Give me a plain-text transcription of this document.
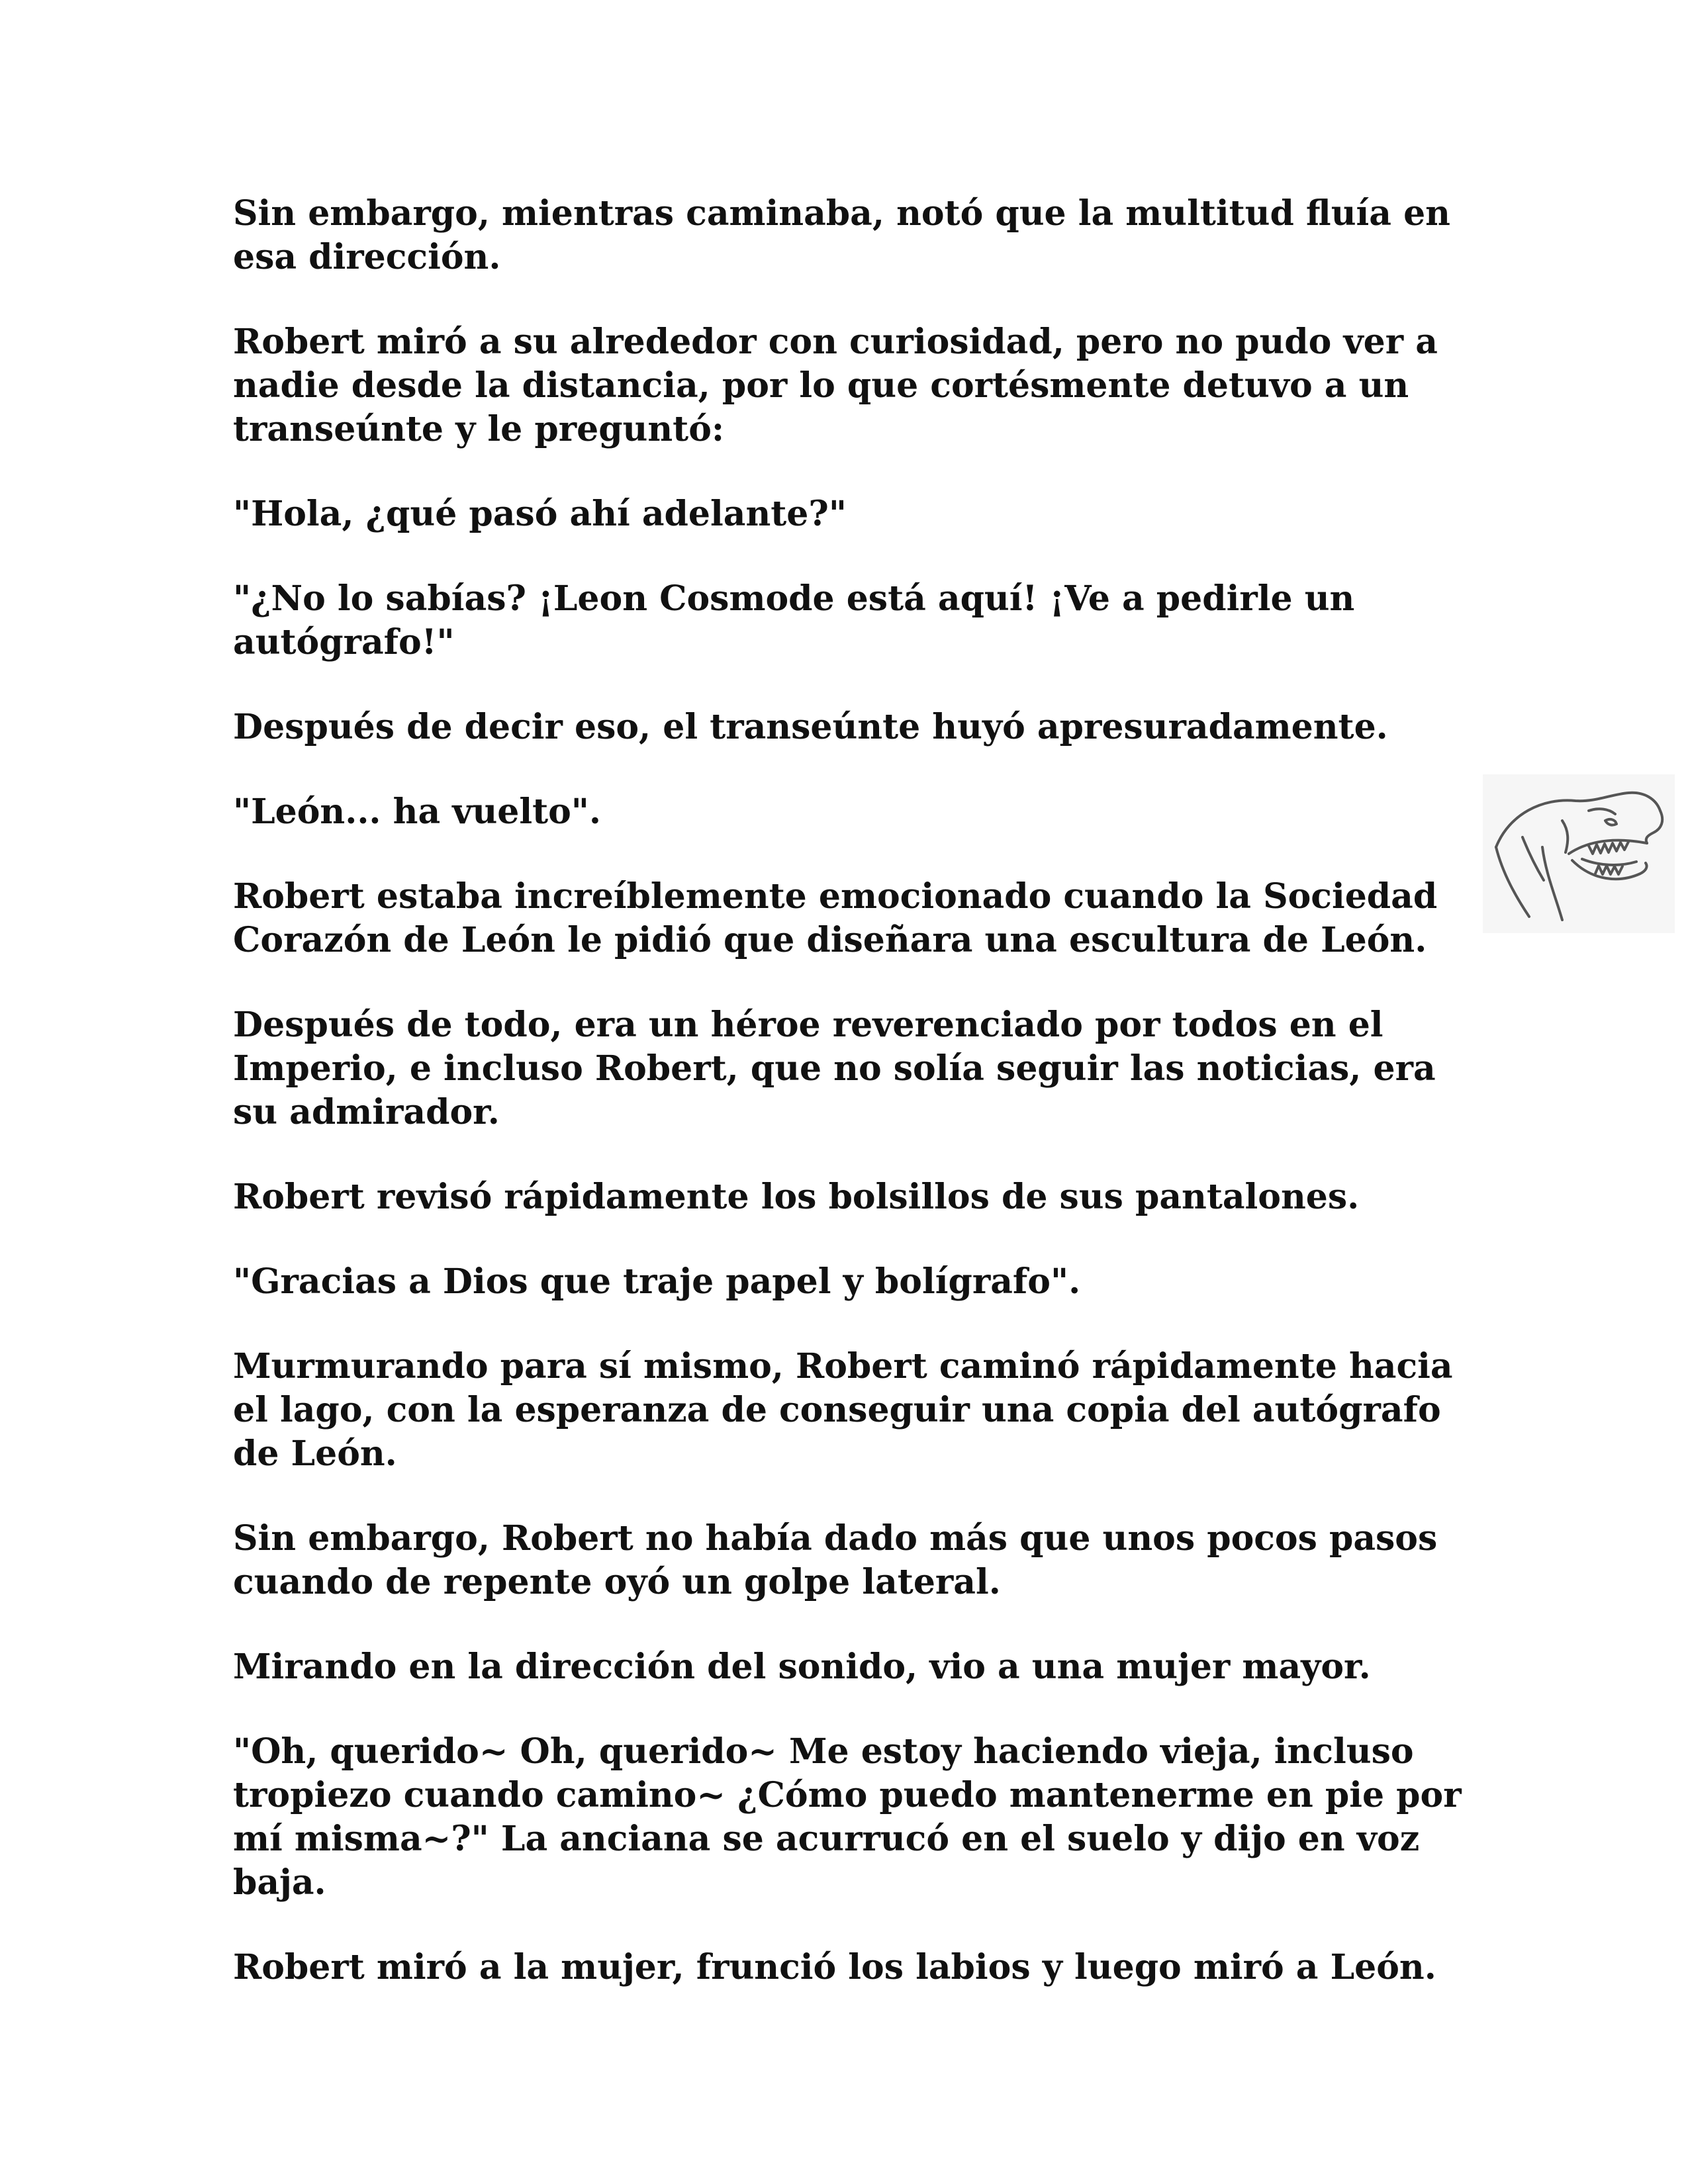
Sin embargo, mientras caminaba, notó que la multitud fluía en esa dirección.

Robert miró a su alrededor con curiosidad, pero no pudo ver a nadie desde la distancia, por lo que cortésmente detuvo a un transeúnte y le preguntó:

"Hola, ¿qué pasó ahí adelante?"

"¿No lo sabías? ¡Leon Cosmode está aquí! ¡Ve a pedirle un autógrafo!"

Después de decir eso, el transeúnte huyó apresuradamente.

"León... ha vuelto".

Robert estaba increíblemente emocionado cuando la Sociedad Corazón de León le pidió que diseñara una escultura de León.

Después de todo, era un héroe reverenciado por todos en el Imperio, e incluso Robert, que no solía seguir las noticias, era su admirador.

Robert revisó rápidamente los bolsillos de sus pantalones.

"Gracias a Dios que traje papel y bolígrafo".

Murmurando para sí mismo, Robert caminó rápidamente hacia el lago, con la esperanza de conseguir una copia del autógrafo de León.

Sin embargo, Robert no había dado más que unos pocos pasos cuando de repente oyó un golpe lateral.

Mirando en la dirección del sonido, vio a una mujer mayor.

"Oh, querido~ Oh, querido~ Me estoy haciendo vieja, incluso tropiezo cuando camino~ ¿Cómo puedo mantenerme en pie por mí misma~?" La anciana se acurrucó en el suelo y dijo en voz baja.

Robert miró a la mujer, frunció los labios y luego miró a León.
